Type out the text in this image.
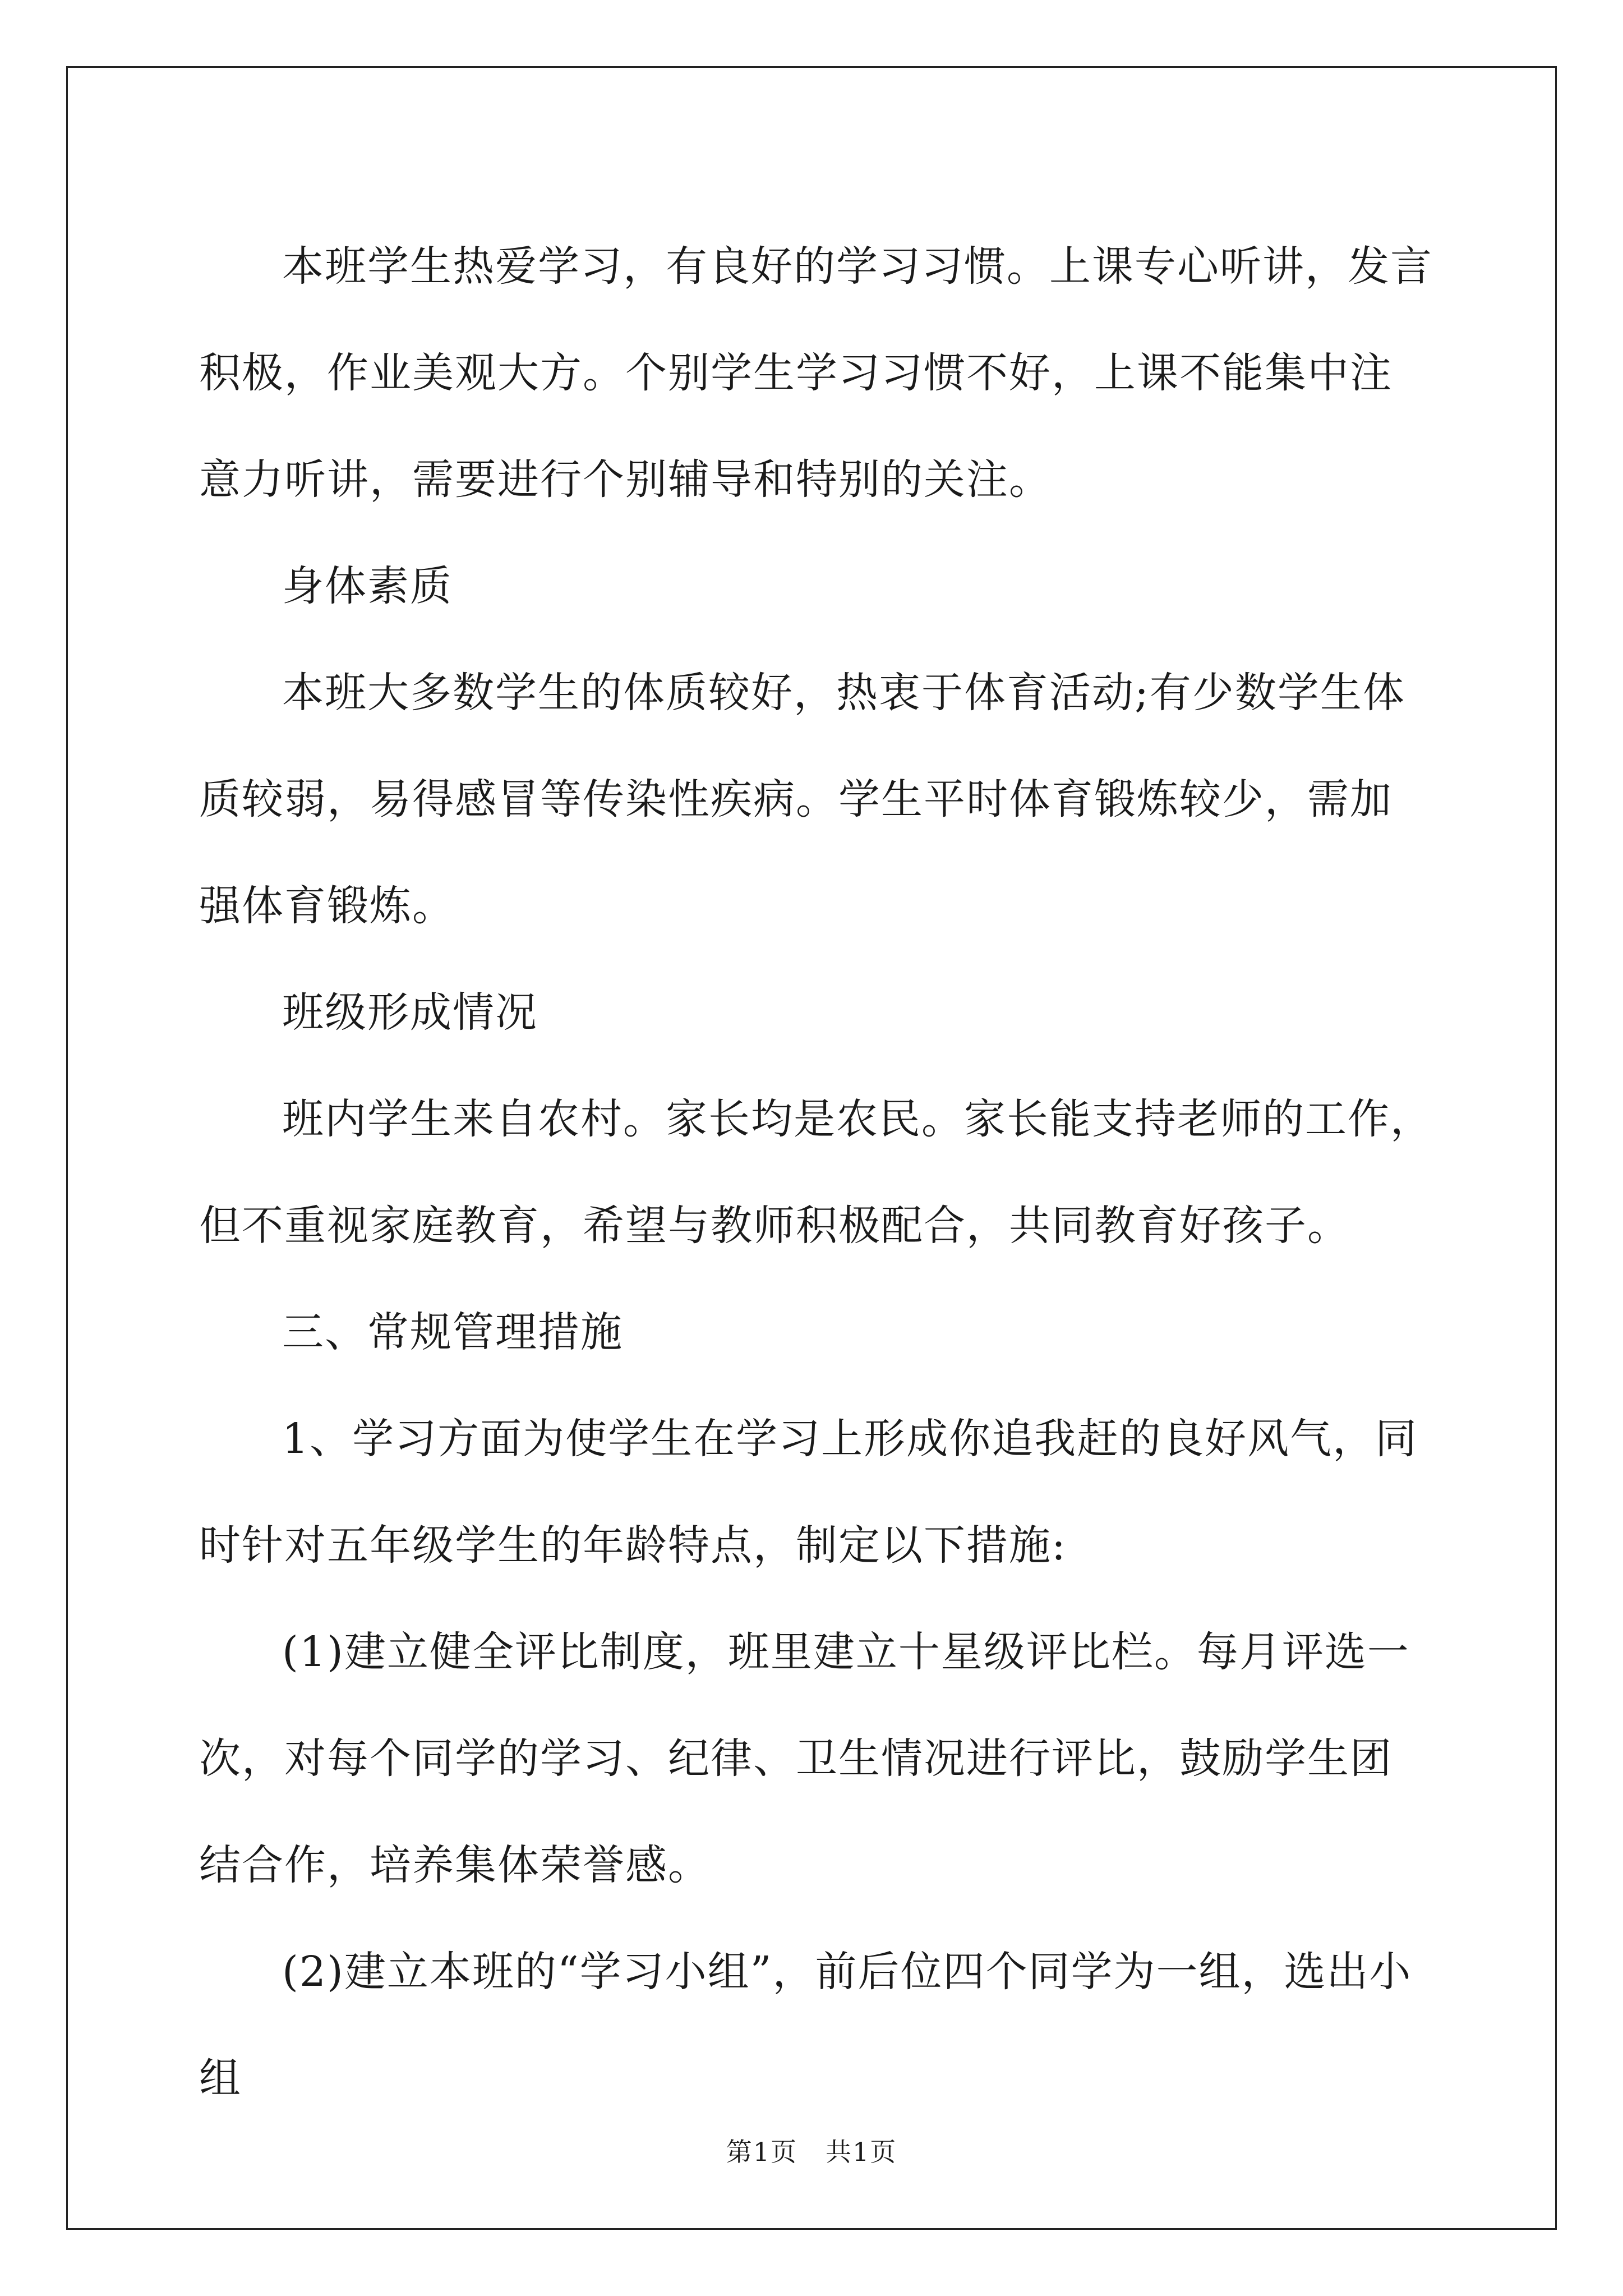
本班学生热爱学习，有良好的学习习惯。上课专心听讲，发言积极，作业美观大方。个别学生学习习惯不好，上课不能集中注意力听讲，需要进行个别辅导和特别的关注。

身体素质

本班大多数学生的体质较好，热衷于体育活动;有少数学生体质较弱，易得感冒等传染性疾病。学生平时体育锻炼较少，需加强体育锻炼。

班级形成情况

班内学生来自农村。家长均是农民。家长能支持老师的工作，但不重视家庭教育，希望与教师积极配合，共同教育好孩子。

三、常规管理措施

1、学习方面为使学生在学习上形成你追我赶的良好风气，同时针对五年级学生的年龄特点，制定以下措施:

(1)建立健全评比制度，班里建立十星级评比栏。每月评选一次，对每个同学的学习、纪律、卫生情况进行评比，鼓励学生团结合作，培养集体荣誉感。

(2)建立本班的“学习小组”，前后位四个同学为一组，选出小组

第1页 共1页
